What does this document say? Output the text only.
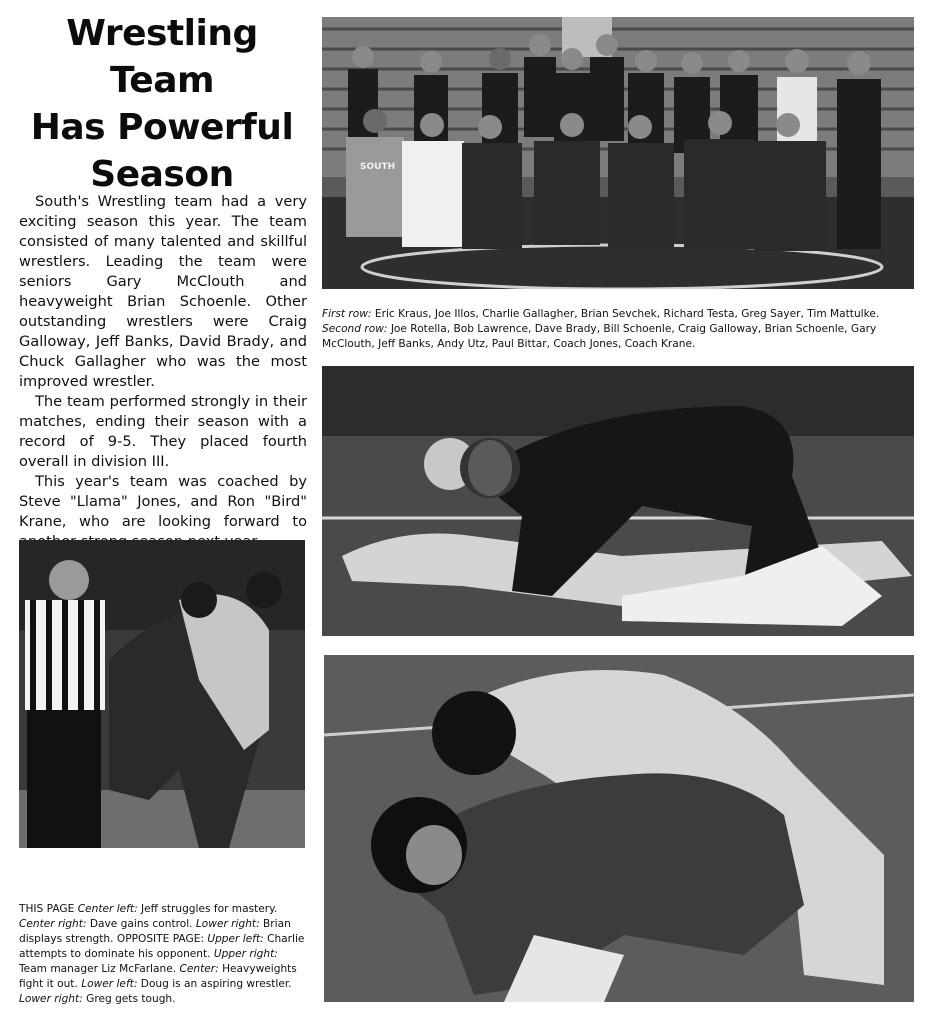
Wrestling Team
Has Powerful
Season

South's Wrestling team had a very exciting season this year. The team consisted of many talented and skillful wrestlers. Leading the team were seniors Gary McClouth and heavyweight Brian Schoenle. Other outstanding wrestlers were Craig Galloway, Jeff Banks, David Brady, and Chuck Gallagher who was the most improved wrestler.

The team performed strongly in their matches, ending their season with a record of 9-5. They placed fourth overall in division III.

This year's team was coached by Steve "Llama" Jones, and Ron "Bird" Krane, who are looking forward to

SOUTH
First row: Eric Kraus, Joe Illos, Charlie Gallagher, Brian Sevchek, Richard Testa, Greg Sayer, Tim Mattulke. Second row: Joe Rotella, Bob Lawrence, Dave Brady, Bill Schoenle, Craig Galloway, Brian Schoenle, Gary McClouth, Jeff Banks, Andy Utz, Paul Bittar, Coach Jones, Coach Krane.
THIS PAGE Center left: Jeff struggles for mastery. Center right: Dave gains control. Lower right: Brian displays strength. OPPOSITE PAGE: Upper left: Charlie attempts to dominate his opponent. Upper right: Team manager Liz McFarlane. Center: Heavyweights fight it out. Lower left: Doug is an aspiring wrestler. Lower right: Greg gets tough.
